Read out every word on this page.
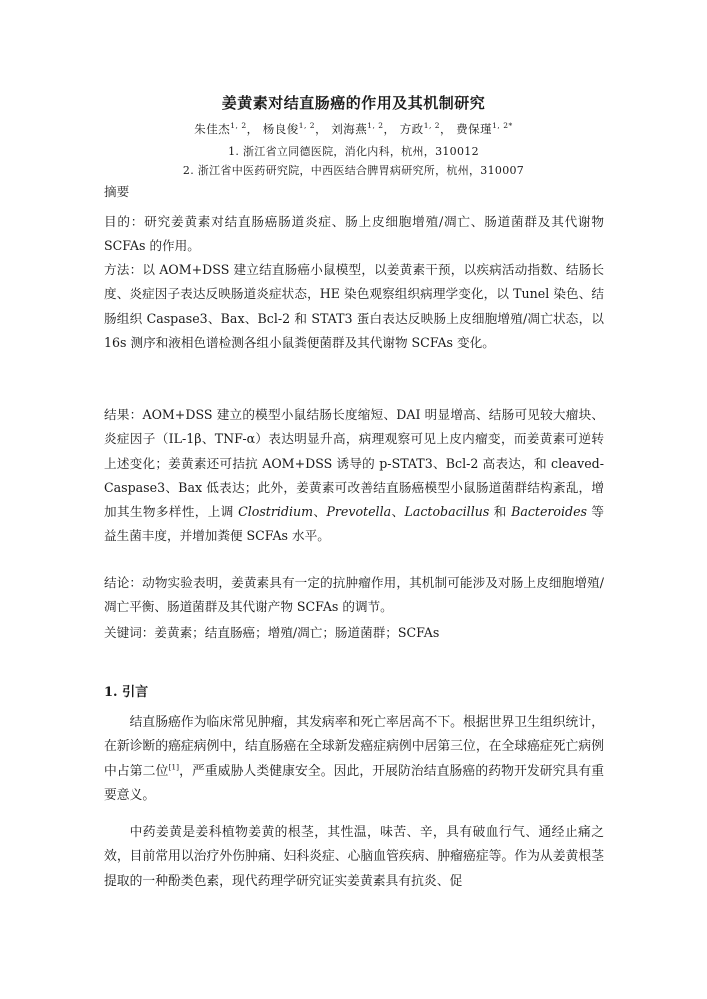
姜黄素对结直肠癌的作用及其机制研究
朱佳杰$^{1, 2}$， 杨良俊$^{1, 2}$， 刘海燕$^{1, 2}$， 方政$^{1, 2}$， 费保瑾$^{1, 2*}$
1. 浙江省立同德医院，消化内科，杭州，310012
2. 浙江省中医药研究院，中西医结合脾胃病研究所，杭州，310007
摘要

目的：研究姜黄素对结直肠癌肠道炎症、肠上皮细胞增殖/凋亡、肠道菌群及其代谢物 SCFAs 的作用。

方法：以 AOM+DSS 建立结直肠癌小鼠模型，以姜黄素干预，以疾病活动指数、结肠长度、炎症因子表达反映肠道炎症状态，HE 染色观察组织病理学变化，以 Tunel 染色、结肠组织 Caspase3、Bax、Bcl-2 和 STAT3 蛋白表达反映肠上皮细胞增殖/凋亡状态，以 16s 测序和液相色谱检测各组小鼠粪便菌群及其代谢物 SCFAs 变化。

结果：AOM+DSS 建立的模型小鼠结肠长度缩短、DAI 明显增高、结肠可见较大瘤块、炎症因子（IL-1β、TNF-α）表达明显升高，病理观察可见上皮内瘤变，而姜黄素可逆转上述变化；姜黄素还可拮抗 AOM+DSS 诱导的 p-STAT3、Bcl-2 高表达，和 cleaved-Caspase3、Bax 低表达；此外，姜黄素可改善结直肠癌模型小鼠肠道菌群结构紊乱，增加其生物多样性，上调 Clostridium、Prevotella、Lactobacillus 和 Bacteroides 等益生菌丰度，并增加粪便 SCFAs 水平。

结论：动物实验表明，姜黄素具有一定的抗肿瘤作用，其机制可能涉及对肠上皮细胞增殖/凋亡平衡、肠道菌群及其代谢产物 SCFAs 的调节。

关键词：姜黄素；结直肠癌；增殖/凋亡；肠道菌群；SCFAs

1. 引言

结直肠癌作为临床常见肿瘤，其发病率和死亡率居高不下。根据世界卫生组织统计，在新诊断的癌症病例中，结直肠癌在全球新发癌症病例中居第三位，在全球癌症死亡病例中占第二位[1]，严重威胁人类健康安全。因此，开展防治结直肠癌的药物开发研究具有重要意义。

中药姜黄是姜科植物姜黄的根茎，其性温，味苦、辛，具有破血行气、通经止痛之效，目前常用以治疗外伤肿痛、妇科炎症、心脑血管疾病、肿瘤癌症等。作为从姜黄根茎提取的一种酚类色素，现代药理学研究证实姜黄素具有抗炎、促
